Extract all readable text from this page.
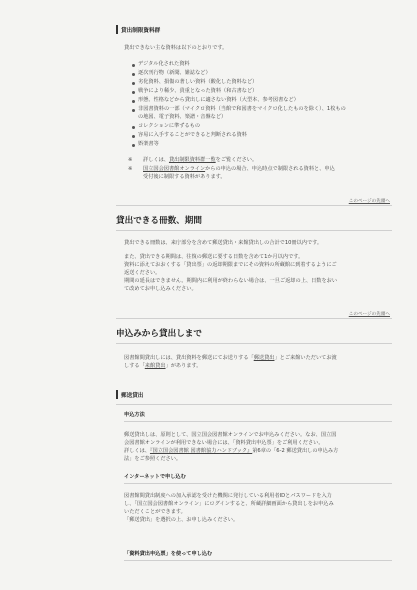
貸出制限資料群
貸出できない主な資料は以下のとおりです。
デジタル化された資料
逐次刊行物（新聞、雑誌など）
劣化資料、損傷の著しい資料（酸化した資料など）
戦争により稀少、貴重となった資料（和古書など）
形態、性格などから貸出しに適さない資料（大型本、参考図書など）
非図書資料の一部（マイクロ資料（当館で和図書をマイクロ化したものを除く）、1枚もの
の地図、電子資料、楽譜・音盤など）
コレクションに準ずるもの
容易に入手することができると判断される資料
娯楽書等
※ 詳しくは、貸出制限資料群一覧をご覧ください。
※ 国立国会図書館オンラインからの申込の場合、申込時点で制限される資料と、申込
受付後に制限する資料があります。
このページの先頭へ
貸出できる冊数、期間
貸出できる冊数は、来庁部分を含めて郵送貸出・来館貸出しの合計で10冊以内です。
また、貸出できる期間は、往復の郵送に要する日数を含めて1か月以内です。
資料に添えておおくする「貸出票」の返却期限までにその資料の所蔵館に到着するようにご
返送ください。
期間の延長はできません。期間内に利用が終わらない場合は、一旦ご返却の上、日数をおい
て改めてお申し込みください。
このページの先頭へ
申込みから貸出しまで
図書館間貸出しには、貸出資料を郵送にてお送りする「郵送貸出」とご来館いただいてお渡
しする「来館貸出」があります。
郵送貸出
申込方法
郵送貸出しは、原則として、国立国会図書館オンラインでお申込みください。なお、国立国
会図書館オンラインが利用できない場合には、「資料貸出申込票」をご利用ください。
詳しくは、『国立国会図書館 図書館協力ハンドブック』第6章の「6-2 郵送貸出しの申込み方
法」をご参照ください。
インターネットで申し込む
図書館間貸出制度への加入承認を受けた機関に発行している利用者IDとパスワードを入力
し、「国立国会図書館オンライン」にログインすると、所蔵詳細画面から貸出しをお申込み
いただくことができます。
「郵送貸出」を選択の上、お申し込みください。
「資料貸出申込票」を使って申し込む
